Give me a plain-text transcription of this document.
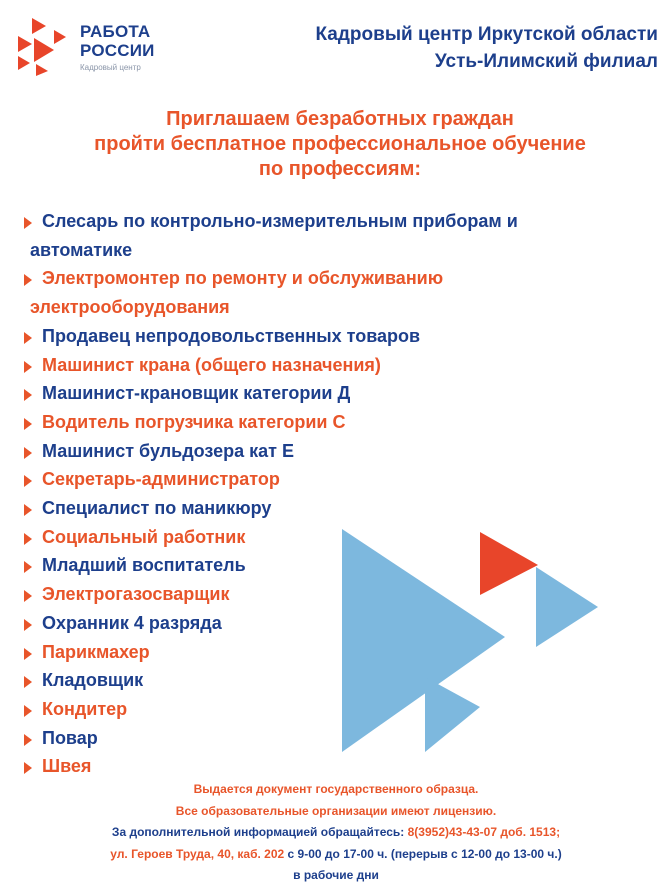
РАБОТА
РОССИИ
Кадровый центр
Кадровый центр Иркутской области
Усть-Илимский филиал
Приглашаем безработных граждан
пройти бесплатное профессиональное обучение
по профессиям:
Слесарь по контрольно-измерительным приборам и
автоматике
Электромонтер по ремонту и обслуживанию
электрооборудования
Продавец непродовольственных товаров
Машинист крана (общего назначения)
Машинист-крановщик категории Д
Водитель погрузчика категории С
Машинист бульдозера кат Е
Секретарь-администратор
Специалист по маникюру
Социальный работник
Младший воспитатель
Электрогазосварщик
Охранник 4 разряда
Парикмахер
Кладовщик
Кондитер
Повар
Швея
Выдается документ государственного образца.
Все образовательные организации имеют лицензию.
За дополнительной информацией обращайтесь: 8(3952)43-43-07 доб. 1513;
ул. Героев Труда, 40, каб. 202 с 9-00 до 17-00 ч. (перерыв с 12-00 до 13-00 ч.)
в рабочие дни
